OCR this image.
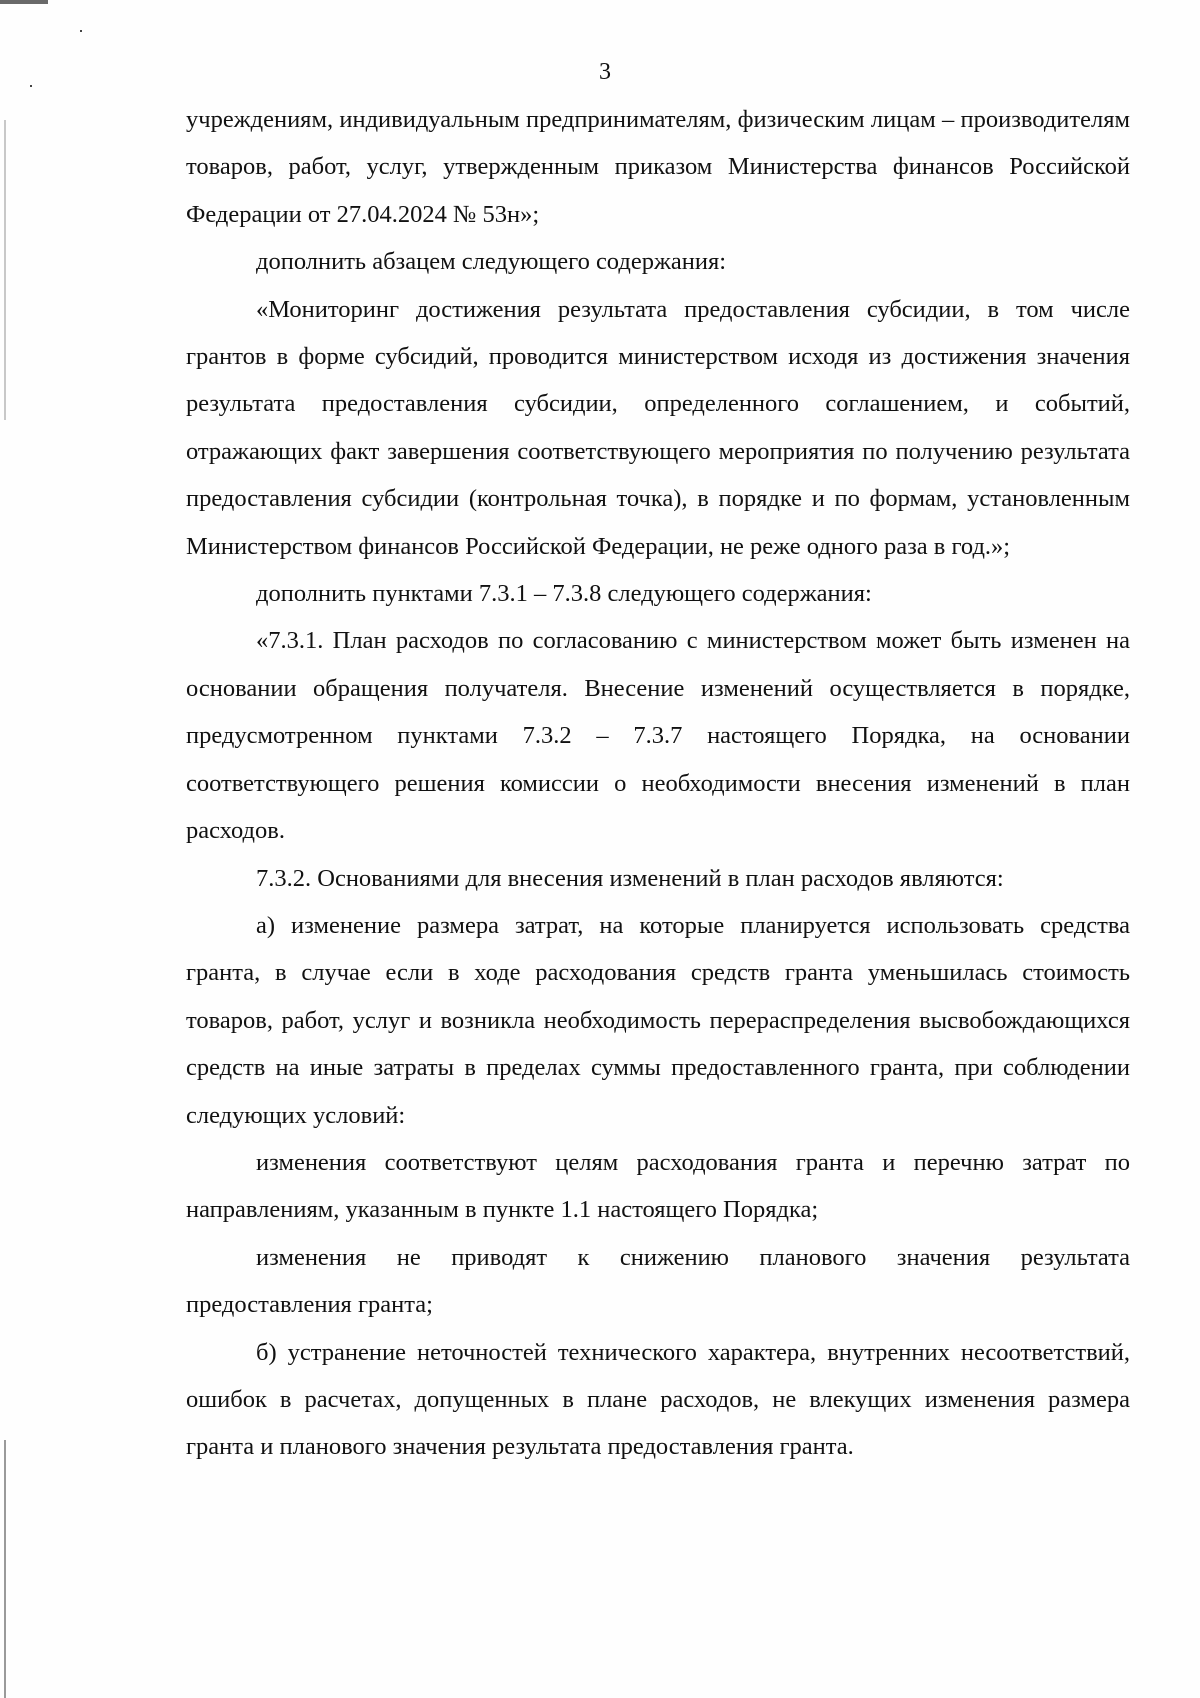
3

учреждениям, индивидуальным предпринимателям, физическим лицам – производителям товаров, работ, услуг, утвержденным приказом Министерства финансов Российской Федерации от 27.04.2024 № 53н»;

дополнить абзацем следующего содержания:

«Мониторинг достижения результата предоставления субсидии, в том числе грантов в форме субсидий, проводится министерством исходя из достижения значения результата предоставления субсидии, определенного соглашением, и событий, отражающих факт завершения соответствующего мероприятия по получению результата предоставления субсидии (контрольная точка), в порядке и по формам, установленным Министерством финансов Российской Федерации, не реже одного раза в год.»;

дополнить пунктами 7.3.1 – 7.3.8 следующего содержания:

«7.3.1. План расходов по согласованию с министерством может быть изменен на основании обращения получателя. Внесение изменений осуществляется в порядке, предусмотренном пунктами 7.3.2 – 7.3.7 настоящего Порядка, на основании соответствующего решения комиссии о необходимости внесения изменений в план расходов.

7.3.2. Основаниями для внесения изменений в план расходов являются:

а) изменение размера затрат, на которые планируется использовать средства гранта, в случае если в ходе расходования средств гранта уменьшилась стоимость товаров, работ, услуг и возникла необходимость перераспределения высвобождающихся средств на иные затраты в пределах суммы предоставленного гранта, при соблюдении следующих условий:

изменения соответствуют целям расходования гранта и перечню затрат по направлениям, указанным в пункте 1.1 настоящего Порядка;

изменения не приводят к снижению планового значения результата предоставления гранта;

б) устранение неточностей технического характера, внутренних несоответствий, ошибок в расчетах, допущенных в плане расходов, не влекущих изменения размера гранта и планового значения результата предоставления гранта.
